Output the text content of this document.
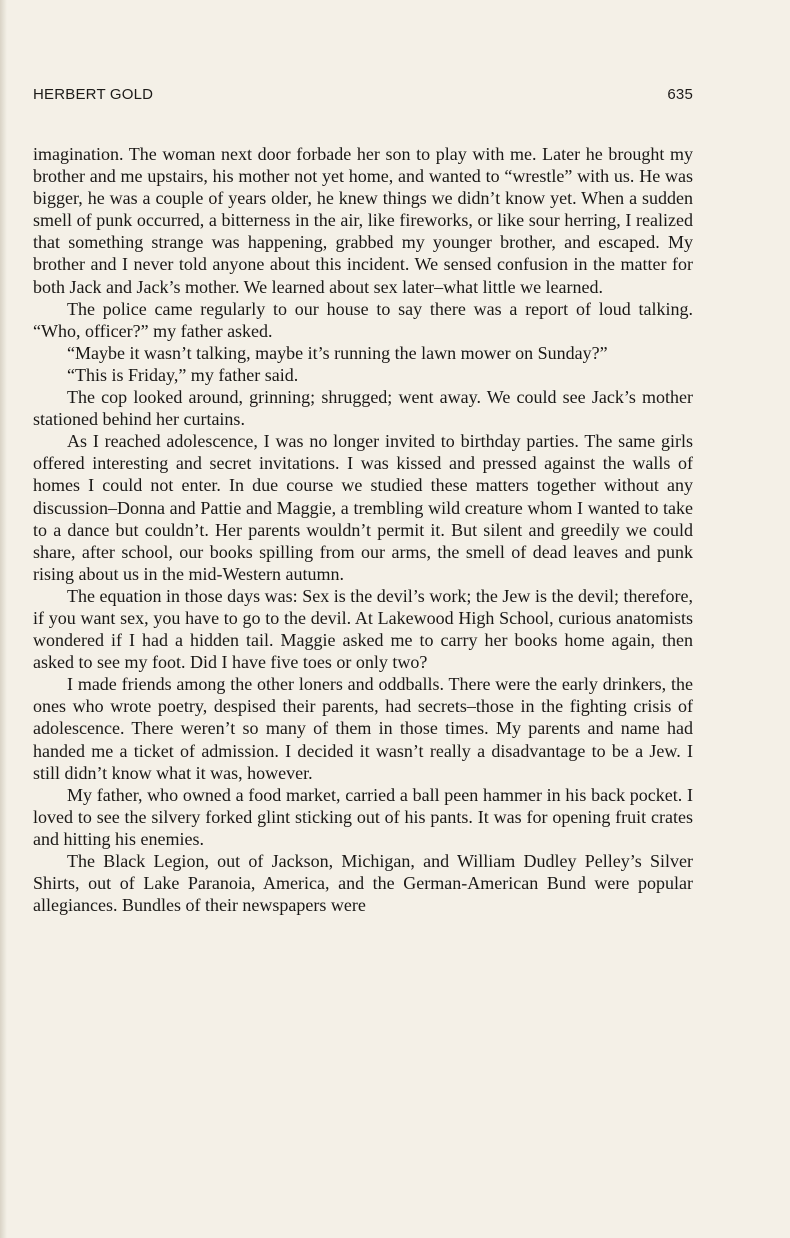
HERBERT GOLD	635

imagination. The woman next door forbade her son to play with me. Later he brought my brother and me upstairs, his mother not yet home, and wanted to “wrestle” with us. He was bigger, he was a couple of years older, he knew things we didn’t know yet. When a sudden smell of punk occurred, a bitterness in the air, like fireworks, or like sour herring, I realized that something strange was happening, grabbed my younger brother, and escaped. My brother and I never told anyone about this incident. We sensed confusion in the matter for both Jack and Jack’s mother. We learned about sex later–what little we learned.

The police came regularly to our house to say there was a report of loud talking. “Who, officer?” my father asked.

“Maybe it wasn’t talking, maybe it’s running the lawn mower on Sunday?”

“This is Friday,” my father said.

The cop looked around, grinning; shrugged; went away. We could see Jack’s mother stationed behind her curtains.

As I reached adolescence, I was no longer invited to birthday parties. The same girls offered interesting and secret invitations. I was kissed and pressed against the walls of homes I could not enter. In due course we studied these matters together without any discussion–Donna and Pattie and Maggie, a trembling wild creature whom I wanted to take to a dance but couldn’t. Her parents wouldn’t permit it. But silent and greedily we could share, after school, our books spilling from our arms, the smell of dead leaves and punk rising about us in the mid-Western autumn.

The equation in those days was: Sex is the devil’s work; the Jew is the devil; therefore, if you want sex, you have to go to the devil. At Lakewood High School, curious anatomists wondered if I had a hidden tail. Maggie asked me to carry her books home again, then asked to see my foot. Did I have five toes or only two?

I made friends among the other loners and oddballs. There were the early drinkers, the ones who wrote poetry, despised their parents, had secrets–those in the fighting crisis of adolescence. There weren’t so many of them in those times. My parents and name had handed me a ticket of admission. I decided it wasn’t really a disadvantage to be a Jew. I still didn’t know what it was, however.

My father, who owned a food market, carried a ball peen hammer in his back pocket. I loved to see the silvery forked glint sticking out of his pants. It was for opening fruit crates and hitting his enemies.

The Black Legion, out of Jackson, Michigan, and William Dudley Pelley’s Silver Shirts, out of Lake Paranoia, America, and the German-American Bund were popular allegiances. Bundles of their newspapers were
